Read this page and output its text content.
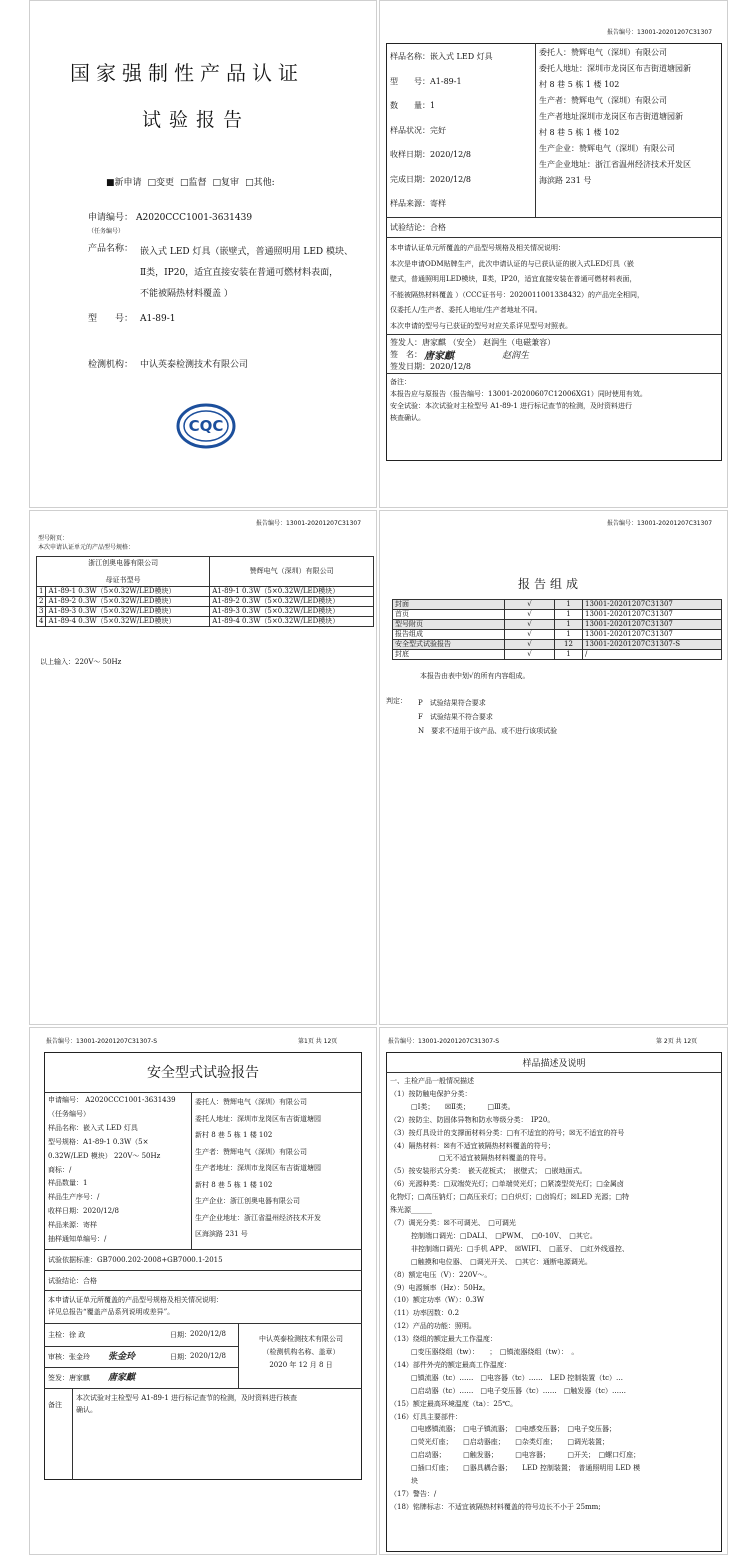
国家强制性产品认证
试验报告
■新申请 □变更 □监督 □复审 □其他:
申请编号： A2020CCC1001-3631439
（任务编号）
产品名称： 嵌入式 LED 灯具（嵌壁式，普通照明用 LED 模块、
Ⅱ类，IP20，适宜直接安装在普通可燃材料表面，
不能被隔热材料覆盖 ）
型　　号： A1-89-1
检测机构： 中认英泰检测技术有限公司
CQC
报告编号：13001-20201207C31307
样品名称：嵌入式 LED 灯具
型　　号：A1-89-1
数　　量：1
样品状况：完好
收样日期：2020/12/8
完成日期：2020/12/8
样品来源：寄样
委托人：赞辉电气（深圳）有限公司
委托人地址：深圳市龙岗区布吉街道塘园新
村 8 巷 5 栋 1 楼 102
生产者：赞辉电气（深圳）有限公司
生产者地址深圳市龙岗区布吉街道塘园新
村 8 巷 5 栋 1 楼 102
生产企业：赞辉电气（深圳）有限公司
生产企业地址：浙江省温州经济技术开发区
海滨路 231 号
试验结论：合格
本申请认证单元所覆盖的产品型号规格及相关情况说明：
本次是申请ODM贴牌生产，此次申请认证的与已获认证的嵌入式LED灯具（嵌
壁式，普通照明用LED模块，Ⅱ类，IP20，适宜直接安装在普通可燃材料表面，
不能被隔热材料覆盖 ）（CCC证书号：2020011001338432）的产品完全相同，
仅委托人/生产者、委托人地址/生产者地址不同。
本次申请的型号与已获证的型号对应关系详见型号对照表。
签发人：唐家麒 （安全） 赵润生（电磁兼容）
签　名： 唐家麒	赵润生
签发日期：2020/12/8
备注：
本报告应与原报告（报告编号：13001-20200607C12006XG1）同时使用有效。
安全试验：本次试验对主检型号 A1-89-1 进行标记查节的检测，及时资料进行
核查确认。
报告编号：13001-20201207C31307
型号附页：
本次申请认证单元的产品型号规格：
浙江创奥电器有限公司
母证书型号		赞辉电气（深圳）有限公司
1	A1-89-1 0.3W（5×0.32W/LED模块）	A1-89-1 0.3W（5×0.32W/LED模块）
2	A1-89-2 0.3W（5×0.32W/LED模块）	A1-89-2 0.3W（5×0.32W/LED模块）
3	A1-89-3 0.3W（5×0.32W/LED模块）	A1-89-3 0.3W（5×0.32W/LED模块）
4	A1-89-4 0.3W（5×0.32W/LED模块）	A1-89-4 0.3W（5×0.32W/LED模块）
以上输入：220V～ 50Hz
报告编号：13001-20201207C31307
报告组成
封面	√	1	13001-20201207C31307
首页	√	1	13001-20201207C31307
型号附页	√	1	13001-20201207C31307
报告组成	√	1	13001-20201207C31307
安全型式试验报告	√	12	13001-20201207C31307-S
封底	√	1	/
本报告由表中划√的所有内容组成。
判定： P　试验结果符合要求
F　试验结果不符合要求
N　要求不适用于该产品、或不进行该项试验
报告编号：13001-20201207C31307-S	第1页 共 12页
安全型式试验报告
申请编号： A2020CCC1001-3631439
（任务编号）
样品名称：嵌入式 LED 灯具
型号规格：A1-89-1 0.3W（5×
0.32W/LED 模块） 220V～ 50Hz
商标：/
样品数量：1
样品生产序号：/
收样日期：2020/12/8
样品来源：寄样
抽样通知单编号：/
委托人：赞辉电气（深圳）有限公司
委托人地址：深圳市龙岗区布吉街道塘园
新村 8 巷 5 栋 1 楼 102
生产者：赞辉电气（深圳）有限公司
生产者地址：深圳市龙岗区布吉街道塘园
新村 8 巷 5 栋 1 楼 102
生产企业：浙江创奥电器有限公司
生产企业地址：浙江省温州经济技术开发
区海滨路 231 号
试验依据标准：GB7000.202-2008+GB7000.1-2015
试验结论：合格
本申请认证单元所覆盖的产品型号规格及相关情况说明：
详见总报告“覆盖产品系列说明或差异”。
主检：徐 政	日期： 2020/12/8
审核：张金玲 张金玲	日期： 2020/12/8
签发：唐家麒 唐家麒
中认英泰检测技术有限公司
（检测机构名称、盖章）
2020 年 12 月 8 日
备注
本次试验对主检型号 A1-89-1 进行标记查节的检测，及时资料进行核查
确认。
报告编号：13001-20201207C31307-S	第 2页 共 12页
样品描述及说明
一、主检产品一般情况描述
（1）按防触电保护分类：
　　　□Ⅰ类；　　☒Ⅱ类；　　　□Ⅲ类。
（2）按防尘、防固体异物和防水等级分类：　IP20。
（3）按灯具设计的支撑面材料分类：□有不适宜的符号；☒无不适宜的符号
（4）隔热材料：☒有不适宜被隔热材料覆盖的符号；
　　　　　　　□无不适宜被隔热材料覆盖的符号。
（5）按安装形式分类：　嵌天花板式；　嵌壁式；　□嵌地面式。
（6）光源种类：□双端荧光灯；□单端荧光灯；□紧凑型荧光灯；□金属卤
化物灯；□高压钠灯；□高压汞灯；□白炽灯；□卤钨灯；☒LED 光源；□特
殊光源______
（7）调光分类：☒不可调光、　□可调光
　　　控制端口调光：□DALI、　□PWM、　□0-10V、　□其它。
　　　非控制端口调光：□手机 APP、　☒WIFI、　□蓝牙、　□红外线遥控、
　　　□触摸和电位器、　□调光开关、　□其它：通断电源调光。
（8）额定电压（V）：220V～。
（9）电源频率（Hz）：50Hz。
（10）额定功率（W）：0.3W
（11）功率因数：0.2
（12）产品的功能：照明。
（13）绕组的额定最大工作温度：
　　　□变压器绕组（tw）：　　；　□镇流器绕组（tw）：　。
（14）部件外壳的额定最高工作温度：
　　　□镇流器（tc）……　□电容器（tc）……　LED 控制装置（tc）…
　　　□启动器（tc）……　□电子变压器（tc）……　□触发器（tc）……
（15）额定最高环境温度（ta）：25℃。
（16）灯具主要部件：
　　　□电感镇流器；　□电子镇流器；　□电感变压器；　□电子变压器；
　　　□荧光灯座；　　□启动器座；　　□杂类灯座；　　□调光装置；
　　　□启动器；　　　□触发器；　　　□电容器；　　　□开关；　□螺口灯座；
　　　□插口灯座；　　□器具耦合器；　　LED 控制装置；　普通照明用 LED 模
　　　块
（17）警告：/
（18）铭牌标志：不适宜被隔热材料覆盖的符号边长不小于 25mm;
